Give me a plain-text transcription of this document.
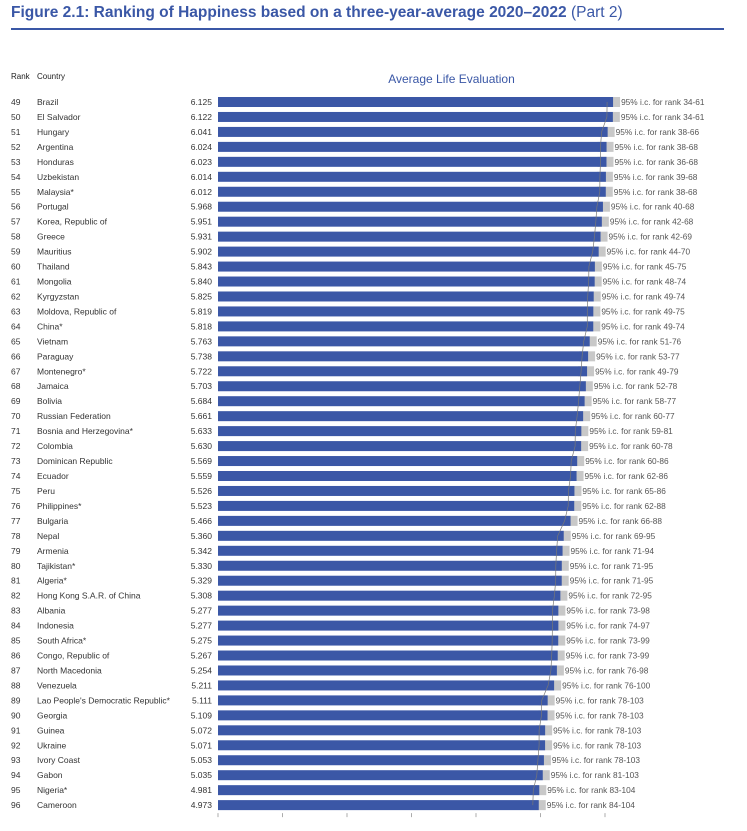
Figure 2.1: Ranking of Happiness based on a three-year-average 2020–2022 (Part 2)
Rank Country	Average Life Evaluation
49 Brazil	6.125	95% i.c. for rank 34-61
50 El Salvador	6.122	95% i.c. for rank 34-61
51 Hungary	6.041	95% i.c. for rank 38-66
52 Argentina	6.024	95% i.c. for rank 38-68
53 Honduras	6.023	95% i.c. for rank 36-68
54 Uzbekistan	6.014	95% i.c. for rank 39-68
55 Malaysia*	6.012	95% i.c. for rank 38-68
56 Portugal	5.968	95% i.c. for rank 40-68
57 Korea, Republic of	5.951	95% i.c. for rank 42-68
58 Greece	5.931	95% i.c. for rank 42-69
59 Mauritius	5.902	95% i.c. for rank 44-70
60 Thailand	5.843	95% i.c. for rank 45-75
61 Mongolia	5.840	95% i.c. for rank 48-74
62 Kyrgyzstan	5.825	95% i.c. for rank 49-74
63 Moldova, Republic of	5.819	95% i.c. for rank 49-75
64 China*	5.818	95% i.c. for rank 49-74
65 Vietnam	5.763	95% i.c. for rank 51-76
66 Paraguay	5.738	95% i.c. for rank 53-77
67 Montenegro*	5.722	95% i.c. for rank 49-79
68 Jamaica	5.703	95% i.c. for rank 52-78
69 Bolivia	5.684	95% i.c. for rank 58-77
70 Russian Federation	5.661	95% i.c. for rank 60-77
71 Bosnia and Herzegovina*	5.633	95% i.c. for rank 59-81
72 Colombia	5.630	95% i.c. for rank 60-78
73 Dominican Republic	5.569	95% i.c. for rank 60-86
74 Ecuador	5.559	95% i.c. for rank 62-86
75 Peru	5.526	95% i.c. for rank 65-86
76 Philippines*	5.523	95% i.c. for rank 62-88
77 Bulgaria	5.466	95% i.c. for rank 66-88
78 Nepal	5.360	95% i.c. for rank 69-95
79 Armenia	5.342	95% i.c. for rank 71-94
80 Tajikistan*	5.330	95% i.c. for rank 71-95
81 Algeria*	5.329	95% i.c. for rank 71-95
82 Hong Kong S.A.R. of China	5.308	95% i.c. for rank 72-95
83 Albania	5.277	95% i.c. for rank 73-98
84 Indonesia	5.277	95% i.c. for rank 74-97
85 South Africa*	5.275	95% i.c. for rank 73-99
86 Congo, Republic of	5.267	95% i.c. for rank 73-99
87 North Macedonia	5.254	95% i.c. for rank 76-98
88 Venezuela	5.211	95% i.c. for rank 76-100
89 Lao People's Democratic Republic*	5.111	95% i.c. for rank 78-103
90 Georgia	5.109	95% i.c. for rank 78-103
91 Guinea	5.072	95% i.c. for rank 78-103
92 Ukraine	5.071	95% i.c. for rank 78-103
93 Ivory Coast	5.053	95% i.c. for rank 78-103
94 Gabon	5.035	95% i.c. for rank 81-103
95 Nigeria*	4.981	95% i.c. for rank 83-104
96 Cameroon	4.973	95% i.c. for rank 84-104
